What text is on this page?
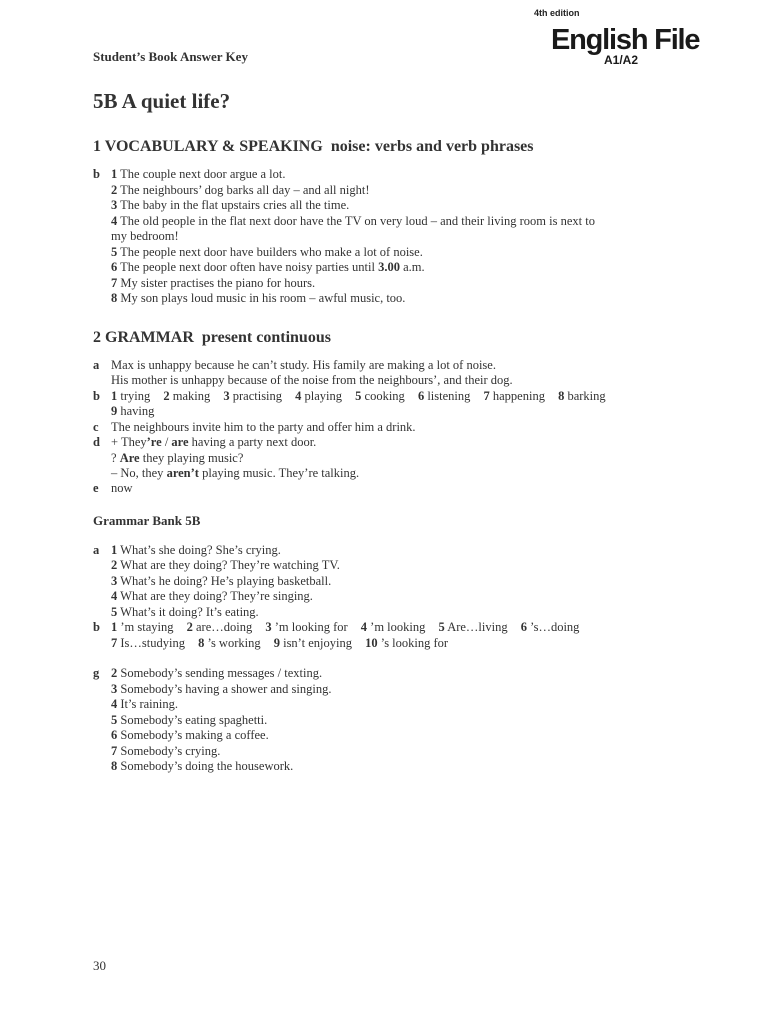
4th edition
English File
A1/A2
Student’s Book Answer Key
5B A quiet life?
1 VOCABULARY & SPEAKING noise: verbs and verb phrases
b 1 The couple next door argue a lot.
2 The neighbours’ dog barks all day – and all night!
3 The baby in the flat upstairs cries all the time.
4 The old people in the flat next door have the TV on very loud – and their living room is next to
my bedroom!
5 The people next door have builders who make a lot of noise.
6 The people next door often have noisy parties until 3.00 a.m.
7 My sister practises the piano for hours.
8 My son plays loud music in his room – awful music, too.
2 GRAMMAR present continuous
a Max is unhappy because he can’t study. His family are making a lot of noise.
His mother is unhappy because of the noise from the neighbours’, and their dog.
b 1 trying 2 making 3 practising 4 playing 5 cooking 6 listening 7 happening 8 barking
9 having
c The neighbours invite him to the party and offer him a drink.
d + They’re / are having a party next door.
? Are they playing music?
– No, they aren’t playing music. They’re talking.
e now
Grammar Bank 5B
a 1 What’s she doing? She’s crying.
2 What are they doing? They’re watching TV.
3 What’s he doing? He’s playing basketball.
4 What are they doing? They’re singing.
5 What’s it doing? It’s eating.
b 1 ’m staying 2 are…doing 3 ’m looking for 4 ’m looking 5 Are…living 6 ’s…doing
7 Is…studying 8 ’s working 9 isn’t enjoying 10 ’s looking for
g 2 Somebody’s sending messages / texting.
3 Somebody’s having a shower and singing.
4 It’s raining.
5 Somebody’s eating spaghetti.
6 Somebody’s making a coffee.
7 Somebody’s crying.
8 Somebody’s doing the housework.
30
